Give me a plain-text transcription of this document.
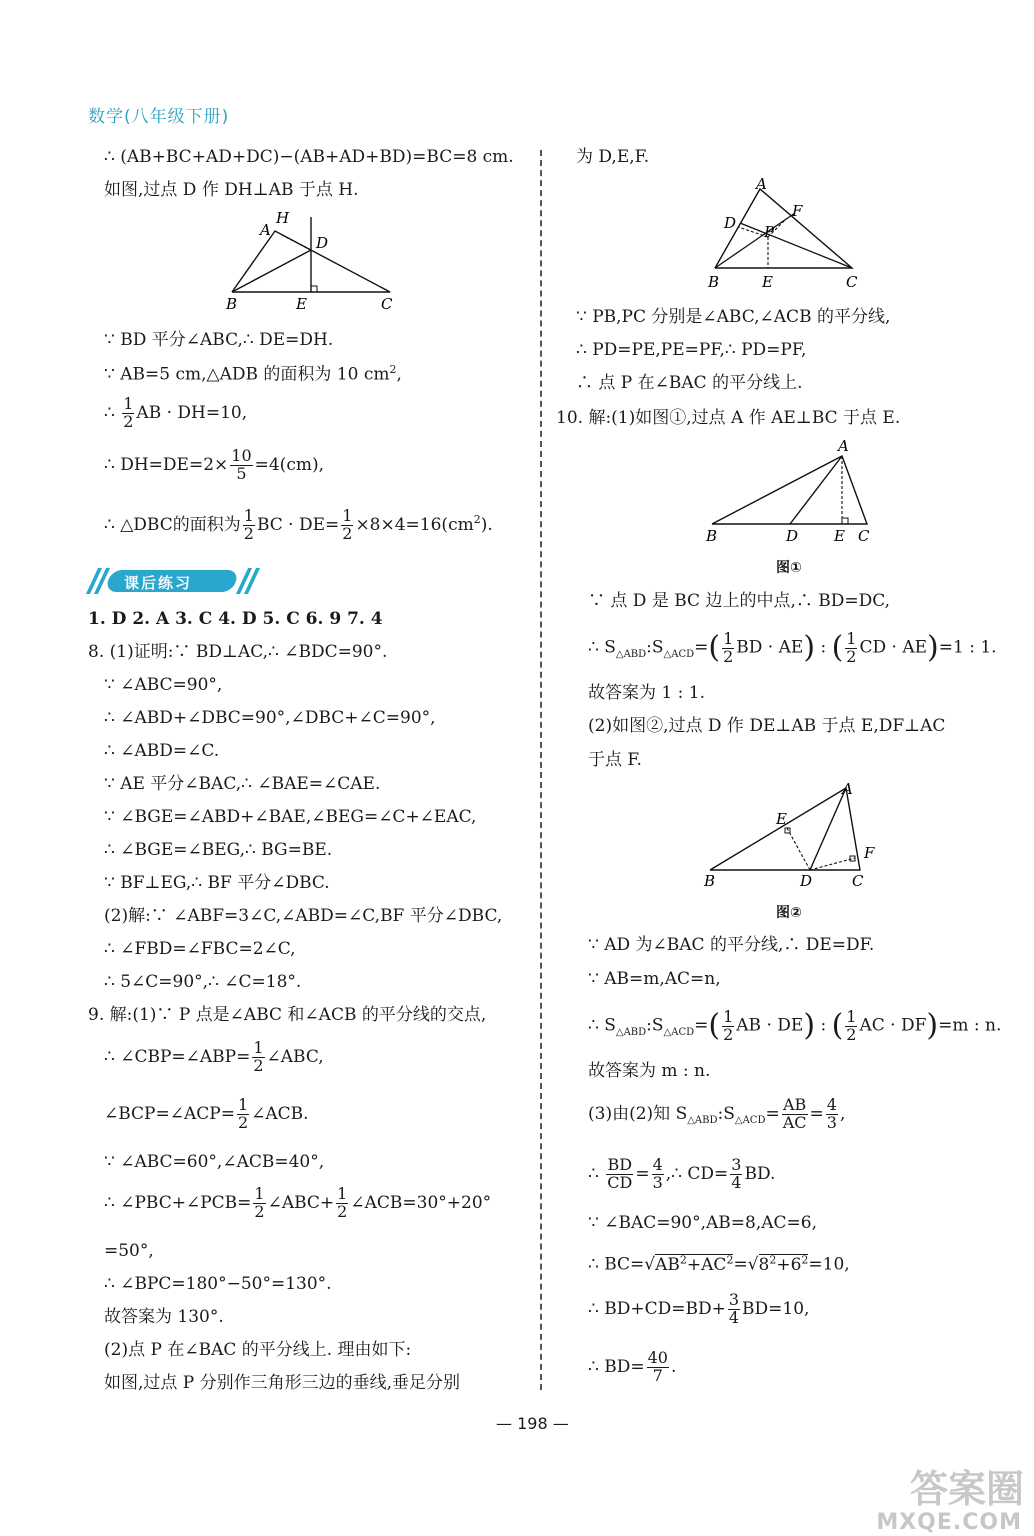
数学(八年级下册)
∴ (AB+BC+AD+DC)−(AB+AD+BD)=BC=8 cm.
如图,过点 D 作 DH⊥AB 于点 H.
A
H
D
B	E	C
∵ BD 平分∠ABC,∴ DE=DH.
∵ AB=5 cm,△ADB 的面积为 10 $cm^2$,
∴ $\frac{1}{2}$ AB · DH=10,
∴ $DH=DE=2\times \frac{10}{5} =4(cm)$,
∴ △DBC的面积为 $\frac{1}{2}$ BC · $DE= \frac{1}{2} \times 8\times 4=16(cm^2)$.
课后练习
1. D 2. A 3. C 4. D 5. C 6. 9 7. 4
8. (1)证明:∵ BD⊥AC,∴ ∠BDC=90°.
∵ ∠ABC=90°,
∴ ∠ABD+∠DBC=90°,∠DBC+∠C=90°,
∴ ∠ABD=∠C.
∵ AE 平分∠BAC,∴ ∠BAE=∠CAE.
∵ ∠BGE=∠ABD+∠BAE,∠BEG=∠C+∠EAC,
∴ ∠BGE=∠BEG,∴ BG=BE.
∵ BF⊥EG,∴ BF 平分∠DBC.
(2)解:∵ ∠ABF=3∠C,∠ABD=∠C,BF 平分∠DBC,
∴ ∠FBD=∠FBC=2∠C,
∴ 5∠C=90°,∴ ∠C=18°.
9. 解:(1)∵ P 点是∠ABC 和∠ACB 的平分线的交点,
∴ ∠CBP=∠ABP= $\frac{1}{2}$ ∠ABC,
∠BCP=∠ACP= $\frac{1}{2}$ ∠ACB.
∵ ∠ABC=60°,∠ACB=40°,
∴ ∠PBC+∠PCB= $\frac{1}{2}$ ∠ABC+ $\frac{1}{2}$ ∠ACB=30°+20°
=50°,
∴ ∠BPC=180°−50°=130°.
故答案为 130°.
(2)点 P 在∠BAC 的平分线上. 理由如下:
如图,过点 P 分别作三角形三边的垂线,垂足分别
为 D,E,F.
A
D
F
P
B	E	C
∵ PB,PC 分别是∠ABC,∠ACB 的平分线,
∴ PD=PE,PE=PF,∴ PD=PF,
∴ 点 P 在∠BAC 的平分线上.
10. 解:(1)如图①,过点 A 作 AE⊥BC 于点 E.
A
B	D E C
图①
∵ 点 D 是 BC 边上的中点,∴ BD=DC,
∴ $S_{\triangle ABD}:S_{\triangle ACD}=( \frac{1}{2}$ BD · AE) : ( $\frac{1}{2}$ CD · AE)=1 : 1.
故答案为 1 : 1.
(2)如图②,过点 D 作 DE⊥AB 于点 E,DF⊥AC
于点 F.
A
E
F
B	D	C
图②
∵ AD 为∠BAC 的平分线,∴ DE=DF.
∵ AB=m,AC=n,
∴ $S_{\triangle ABD}:S_{\triangle ACD}=( \frac{1}{2}$ AB · DE) : ( $\frac{1}{2}$ AC · DF)=m : n.
故答案为 m : n.
(3)由(2)知 $S_{\triangle ABD}:S_{\triangle ACD}= \frac{AB}{AC} = \frac{4}{3}$ ,
∴ $\frac{BD}{CD} = \frac{4}{3}$ ,∴ $CD= \frac{3}{4}$ BD.
∵ ∠BAC=90°,AB=8,AC=6,
∴ $BC=√AB^2+AC^2=√8^2+6^2=10$,
∴ $BD+CD=BD+ \frac{3}{4} BD=10$,
∴ $BD= \frac{40}{7}$ .
— 198 —
答案圈
MXQE.COM
